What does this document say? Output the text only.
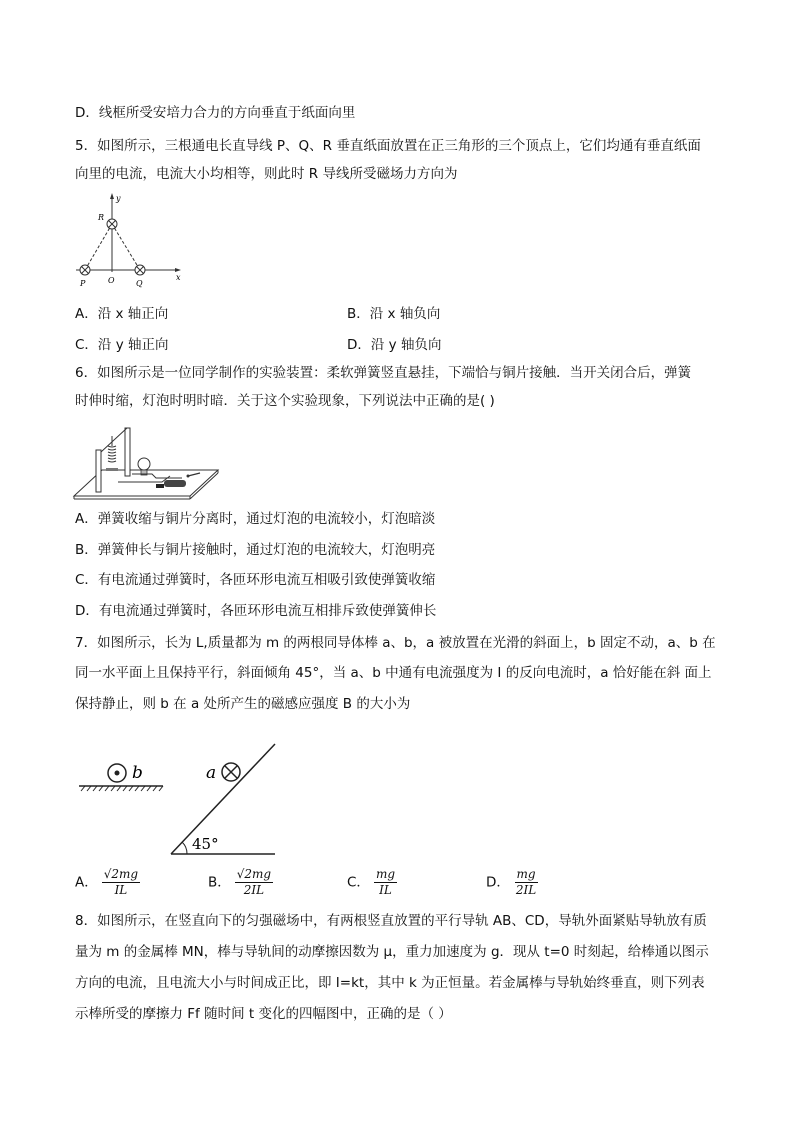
D．线框所受安培力合力的方向垂直于纸面向里
5．如图所示，三根通电长直导线 P、Q、R 垂直纸面放置在正三角形的三个顶点上，它们均通有垂直纸面
向里的电流，电流大小均相等，则此时 R 导线所受磁场力方向为
y
x
R
O
P	Q
A．沿 x 轴正向	B．沿 x 轴负向
C．沿 y 轴正向	D．沿 y 轴负向
6．如图所示是一位同学制作的实验装置：柔软弹簧竖直悬挂，下端恰与铜片接触．当开关闭合后，弹簧
时伸时缩，灯泡时明时暗．关于这个实验现象，下列说法中正确的是( )
A．弹簧收缩与铜片分离时，通过灯泡的电流较小，灯泡暗淡
B．弹簧伸长与铜片接触时，通过灯泡的电流较大，灯泡明亮
C．有电流通过弹簧时，各匝环形电流互相吸引致使弹簧收缩
D．有电流通过弹簧时，各匝环形电流互相排斥致使弹簧伸长
7．如图所示，长为 L,质量都为 m 的两根同导体棒 a、b，a 被放置在光滑的斜面上，b 固定不动，a、b 在
同一水平面上且保持平行，斜面倾角 45°，当 a、b 中通有电流强度为 I 的反向电流时，a 恰好能在斜 面上
保持静止，则 b 在 a 处所产生的磁感应强度 B 的大小为
b
45°
a
A． $\frac{√2mg}{IL}$	B． $\frac{√2mg}{2IL}$	C． $\frac{mg}{IL}$	D． $\frac{mg}{2IL}$
8．如图所示，在竖直向下的匀强磁场中，有两根竖直放置的平行导轨 AB、CD，导轨外面紧贴导轨放有质
量为 m 的金属棒 MN，棒与导轨间的动摩擦因数为 μ，重力加速度为 g．现从 t=0 时刻起，给棒通以图示
方向的电流，且电流大小与时间成正比，即 I=kt，其中 k 为正恒量。若金属棒与导轨始终垂直，则下列表
示棒所受的摩擦力 Ff 随时间 t 变化的四幅图中，正确的是（ ）
